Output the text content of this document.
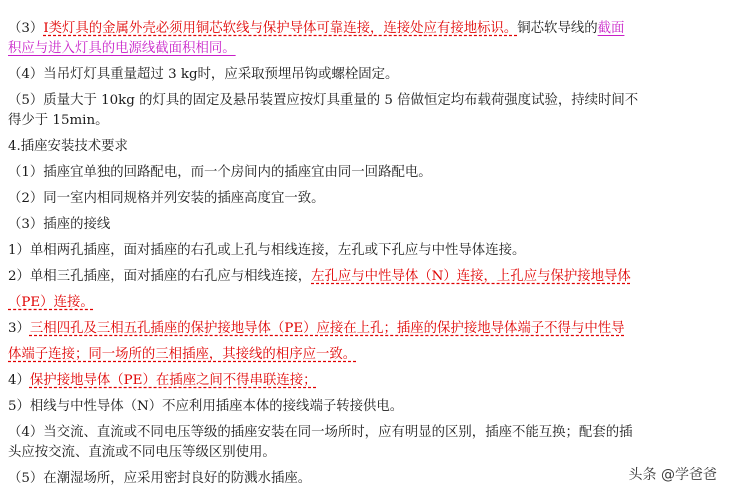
（3）Ⅰ类灯具的金属外壳必须用铜芯软线与保护导体可靠连接，连接处应有接地标识。铜芯软导线的截面
积应与进入灯具的电源线截面积相同。
（4）当吊灯灯具重量超过 3 kg时，应采取预埋吊钩或螺栓固定。
（5）质量大于 10kg 的灯具的固定及悬吊装置应按灯具重量的 5 倍做恒定均布载荷强度试验，持续时间不
得少于 15min。
4.插座安装技术要求
（1）插座宜单独的回路配电，而一个房间内的插座宜由同一回路配电。
（2）同一室内相同规格并列安装的插座高度宜一致。
（3）插座的接线
1）单相两孔插座，面对插座的右孔或上孔与相线连接，左孔或下孔应与中性导体连接。
2）单相三孔插座，面对插座的右孔应与相线连接，左孔应与中性导体（N）连接，上孔应与保护接地导体
（PE）连接。
3）三相四孔及三相五孔插座的保护接地导体（PE）应接在上孔；插座的保护接地导体端子不得与中性导
体端子连接；同一场所的三相插座，其接线的相序应一致。
4）保护接地导体（PE）在插座之间不得串联连接；
5）相线与中性导体（N）不应利用插座本体的接线端子转接供电。
（4）当交流、直流或不同电压等级的插座安装在同一场所时，应有明显的区别，插座不能互换；配套的插
头应按交流、直流或不同电压等级区别使用。
（5）在潮湿场所，应采用密封良好的防溅水插座。	头条 @学爸爸
